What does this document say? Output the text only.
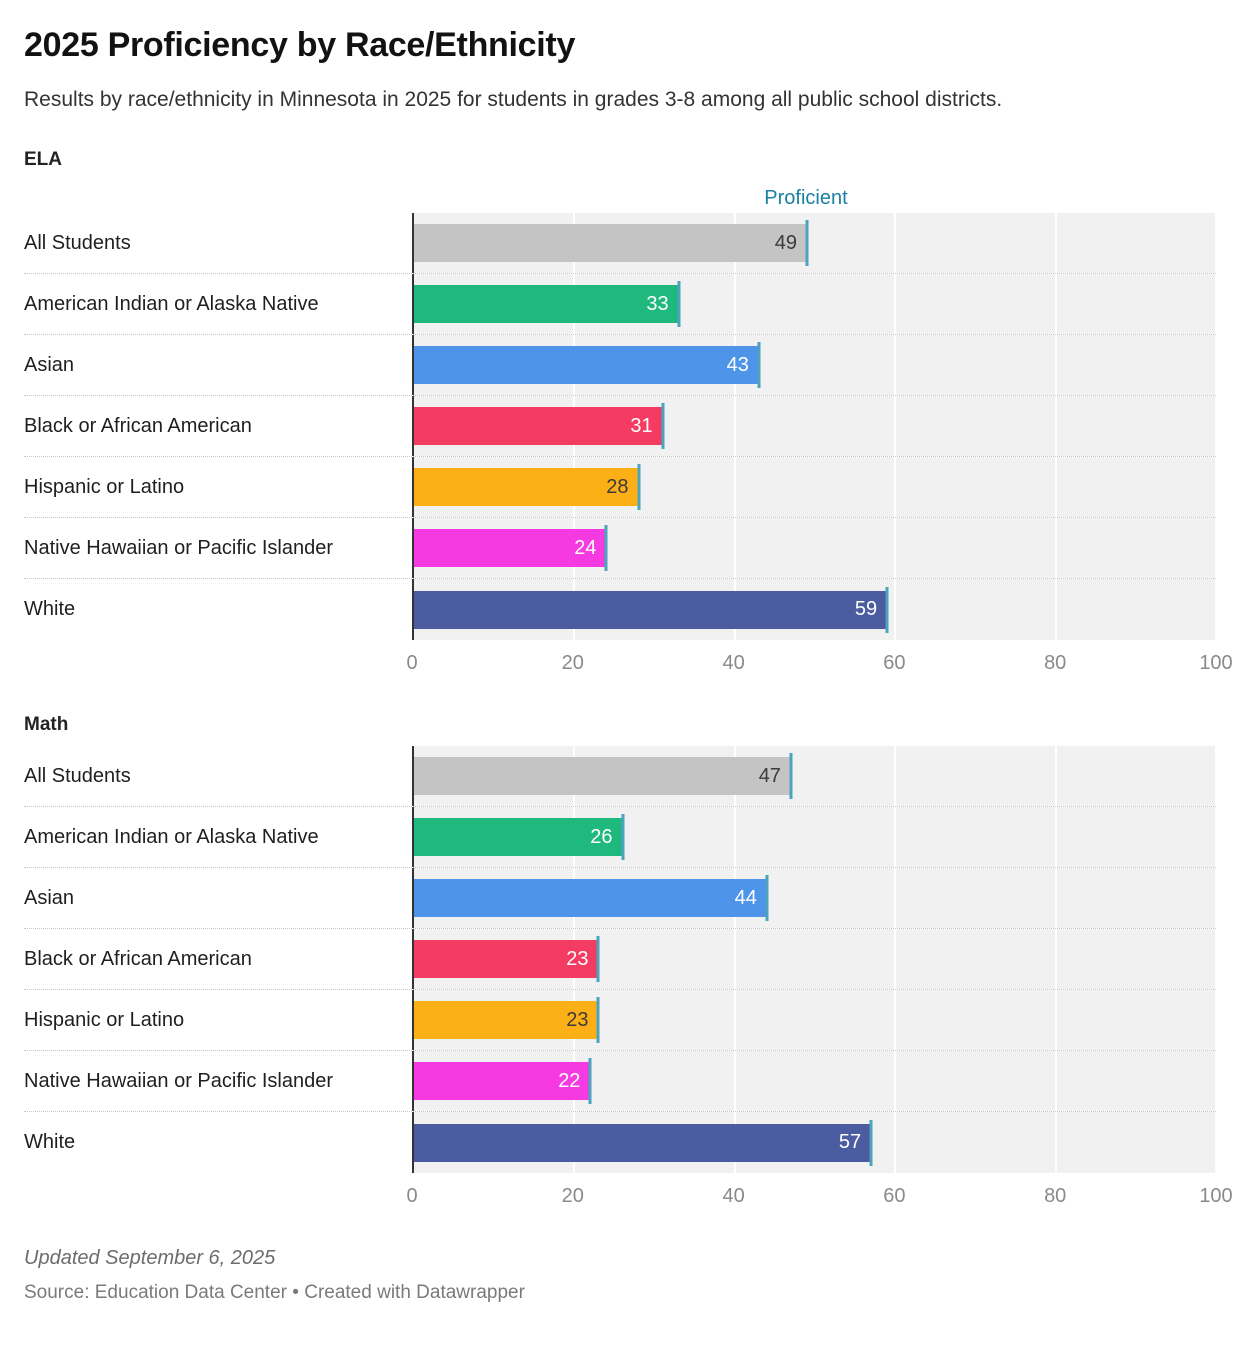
2025 Proficiency by Race/Ethnicity

Results by race/ethnicity in Minnesota in 2025 for students in grades 3-8 among all public school districts.

ELA
Proficient
All Students	49
American Indian or Alaska Native	33
Asian	43
Black or African American	31
Hispanic or Latino	28
Native Hawaiian or Pacific Islander	24
White	59
0	20	40	60	80	100
Math
All Students	47
American Indian or Alaska Native	26
Asian	44
Black or African American	23
Hispanic or Latino	23
Native Hawaiian or Pacific Islander	22
White	57
0	20	40	60	80	100

Updated September 6, 2025

Source: Education Data Center • Created with Datawrapper
